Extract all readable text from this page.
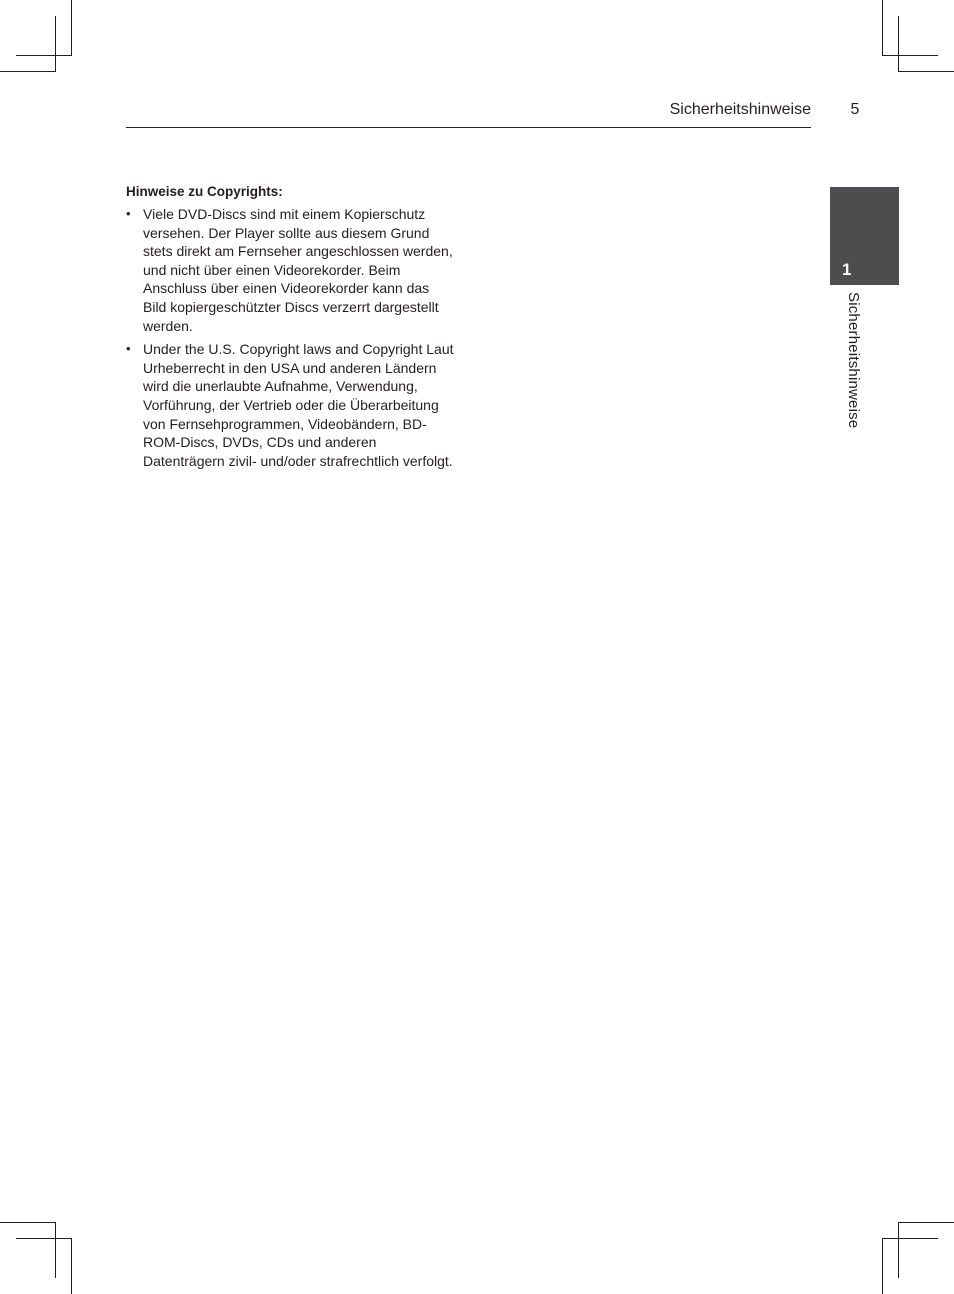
Sicherheitshinweise	5
1
Sicherheitshinweise
Hinweise zu Copyrights:
• Viele DVD-Discs sind mit einem Kopierschutz versehen. Der Player sollte aus diesem Grund stets direkt am Fernseher angeschlossen werden, und nicht über einen Videorekorder. Beim Anschluss über einen Videorekorder kann das Bild kopiergeschützter Discs verzerrt dargestellt werden.
• Under the U.S. Copyright laws and Copyright Laut Urheberrecht in den USA und anderen Ländern wird die unerlaubte Aufnahme, Verwendung, Vorführung, der Vertrieb oder die Überarbeitung von Fernsehprogrammen, Videobändern, BD-ROM-Discs, DVDs, CDs und anderen Datenträgern zivil- und/oder strafrechtlich verfolgt.
